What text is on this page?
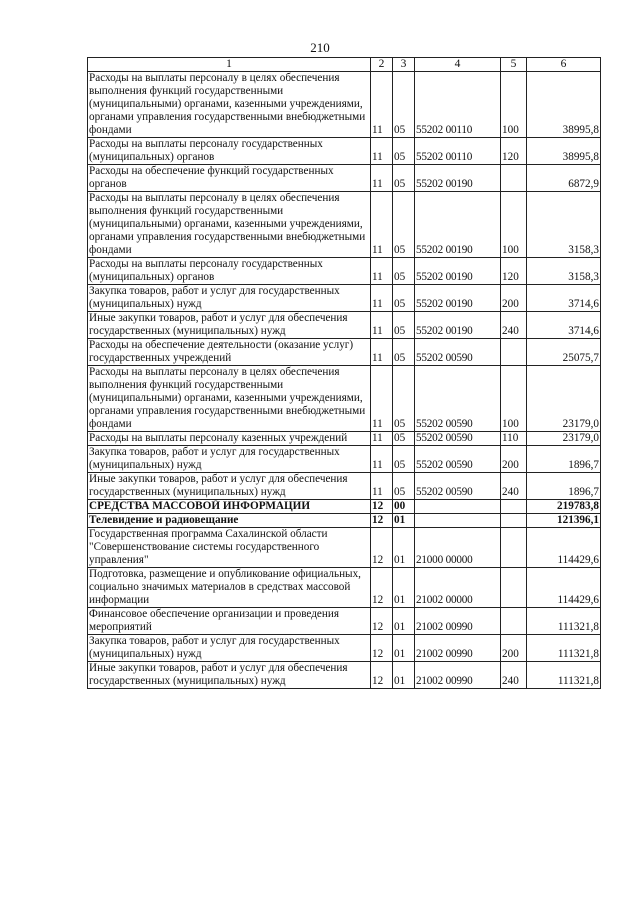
210
1	2	3	4	5	6
Расходы на выплаты персоналу в целях обеспечения выполнения функций государственными (муниципальными) органами, казенными учреждениями, органами управления государственными внебюджетными фондами	11	05	55202 00110	100	38995,8
Расходы на выплаты персоналу государственных (муниципальных) органов	11	05	55202 00110	120	38995,8
Расходы на обеспечение функций государственных органов	11	05	55202 00190		6872,9
Расходы на выплаты персоналу в целях обеспечения выполнения функций государственными (муниципальными) органами, казенными учреждениями, органами управления государственными внебюджетными фондами	11	05	55202 00190	100	3158,3
Расходы на выплаты персоналу государственных (муниципальных) органов	11	05	55202 00190	120	3158,3
Закупка товаров, работ и услуг для государственных (муниципальных) нужд	11	05	55202 00190	200	3714,6
Иные закупки товаров, работ и услуг для обеспечения государственных (муниципальных) нужд	11	05	55202 00190	240	3714,6
Расходы на обеспечение деятельности (оказание услуг) государственных учреждений	11	05	55202 00590		25075,7
Расходы на выплаты персоналу в целях обеспечения выполнения функций государственными (муниципальными) органами, казенными учреждениями, органами управления государственными внебюджетными фондами	11	05	55202 00590	100	23179,0
Расходы на выплаты персоналу казенных учреждений	11	05	55202 00590	110	23179,0
Закупка товаров, работ и услуг для государственных (муниципальных) нужд	11	05	55202 00590	200	1896,7
Иные закупки товаров, работ и услуг для обеспечения государственных (муниципальных) нужд	11	05	55202 00590	240	1896,7
СРЕДСТВА МАССОВОЙ ИНФОРМАЦИИ	12	00			219783,8
Телевидение и радиовещание	12	01			121396,1
Государственная программа Сахалинской области "Совершенствование системы государственного управления"	12	01	21000 00000		114429,6
Подготовка, размещение и опубликование официальных, социально значимых материалов в средствах массовой информации	12	01	21002 00000		114429,6
Финансовое обеспечение организации и проведения мероприятий	12	01	21002 00990		111321,8
Закупка товаров, работ и услуг для государственных (муниципальных) нужд	12	01	21002 00990	200	111321,8
Иные закупки товаров, работ и услуг для обеспечения государственных (муниципальных) нужд	12	01	21002 00990	240	111321,8
